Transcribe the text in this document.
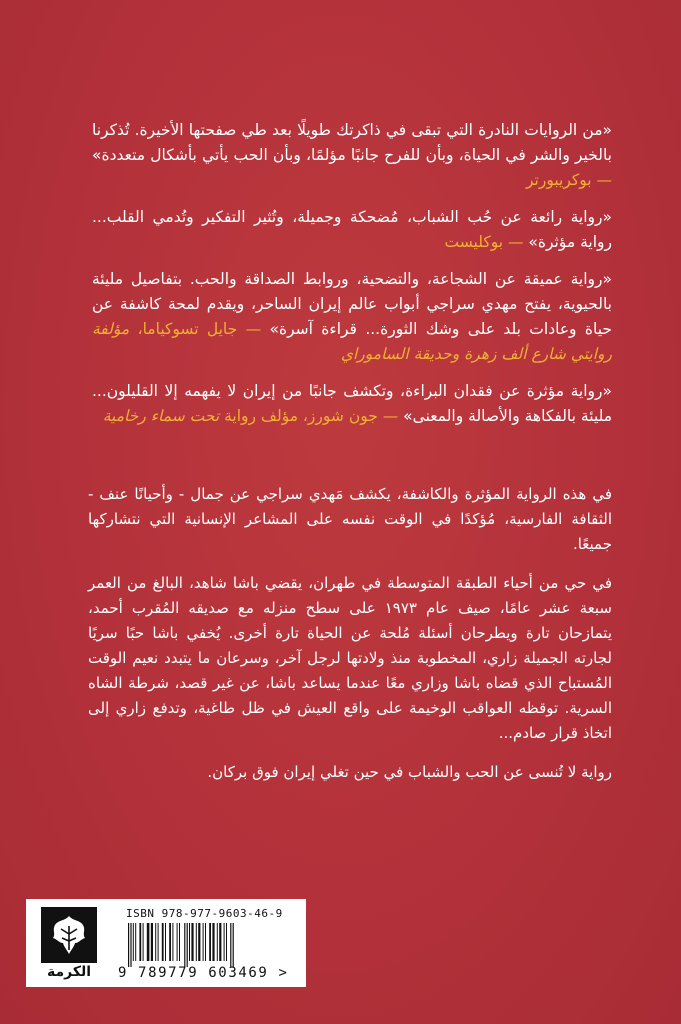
«من الروايات النادرة التي تبقى في ذاكرتك طويلًا بعد طي صفحتها الأخيرة. تُذكرنا بالخير والشر في الحياة، وبأن للفرح جانبًا مؤلمًا، وبأن الحب يأتي بأشكال متعددة» — بوكريبورتر

«رواية رائعة عن حُب الشباب، مُضحكة وجميلة، وتُثير التفكير وتُدمي القلب... رواية مؤثرة» — بوكليست

«رواية عميقة عن الشجاعة، والتضحية، وروابط الصداقة والحب. بتفاصيل مليئة بالحيوية، يفتح مهدي سراجي أبواب عالم إيران الساحر، ويقدم لمحة كاشفة عن حياة وعادات بلد على وشك الثورة... قراءة آسرة» — جايل تسوكياما، مؤلفة روايتي شارع ألف زهرة وحديقة الساموراي

«رواية مؤثرة عن فقدان البراءة، وتكشف جانبًا من إيران لا يفهمه إلا القليلون... مليئة بالفكاهة والأصالة والمعنى» — جون شورز، مؤلف رواية تحت سماء رخامية

في هذه الرواية المؤثرة والكاشفة، يكشف مَهدي سراجي عن جمال - وأحيانًا عنف - الثقافة الفارسية، مُؤكدًا في الوقت نفسه على المشاعر الإنسانية التي نتشاركها جميعًا.

في حي من أحياء الطبقة المتوسطة في طهران، يقضي باشا شاهد، البالغ من العمر سبعة عشر عامًا، صيف عام ١٩٧٣ على سطح منزله مع صديقه المُقرب أحمد، يتمازحان تارة ويطرحان أسئلة مُلحة عن الحياة تارة أخرى. يُخفي باشا حبًا سريًا لجارته الجميلة زاري، المخطوبة منذ ولادتها لرجل آخر، وسرعان ما يتبدد نعيم الوقت المُستباح الذي قضاه باشا وزاري معًا عندما يساعد باشا، عن غير قصد، شرطة الشاه السرية. توقظه العواقب الوخيمة على واقع العيش في ظل طاغية، وتدفع زاري إلى اتخاذ قرار صادم...

رواية لا تُنسى عن الحب والشباب في حين تغلي إيران فوق بركان.

الكرمة
ISBN 978-977-9603-46-9
9 789779 603469 >
